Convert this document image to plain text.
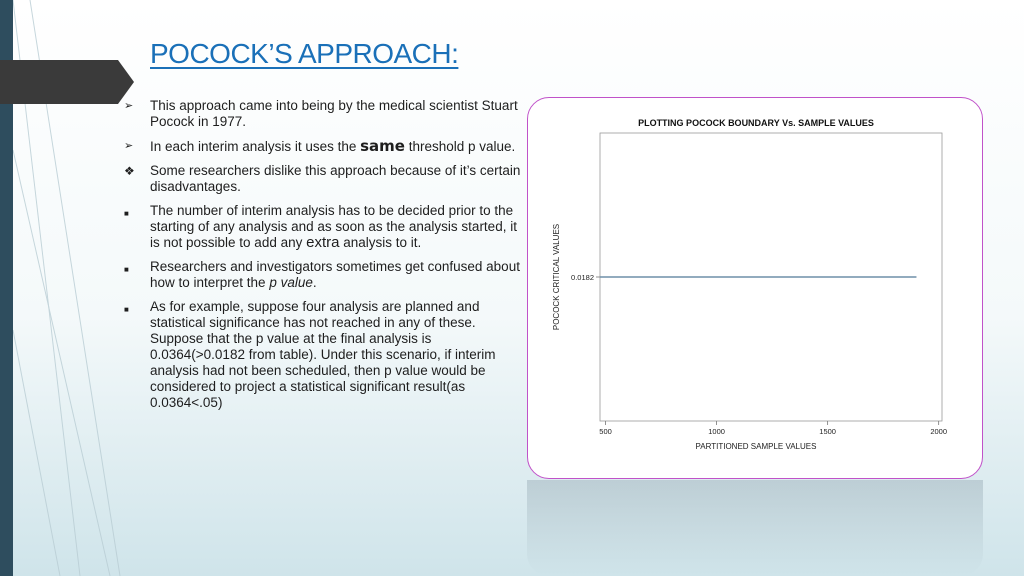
POCOCK’S APPROACH:
➢	This approach came into being by the medical scientist Stuart Pocock in 1977.
➢	In each interim analysis it uses the same threshold p value.
❖	Some researchers dislike this approach because of it’s certain disadvantages.
■	The number of interim analysis has to be decided prior to the starting of any analysis and as soon as the analysis started, it is not possible to add any extra analysis to it.
■	Researchers and investigators sometimes get confused about how to interpret the p value.
■	As for example, suppose four analysis are planned and statistical significance has not reached in any of these. Suppose that the p value at the final analysis is 0.0364(>0.0182 from table). Under this scenario, if interim analysis had not been scheduled, then p value would be considered to project a statistical significant result(as 0.0364<.05)
PLOTTING POCOCK BOUNDARY Vs. SAMPLE VALUES
500	1000	1500	2000
0.0182
PARTITIONED SAMPLE VALUES
POCOCK CRITICAL VALUES
